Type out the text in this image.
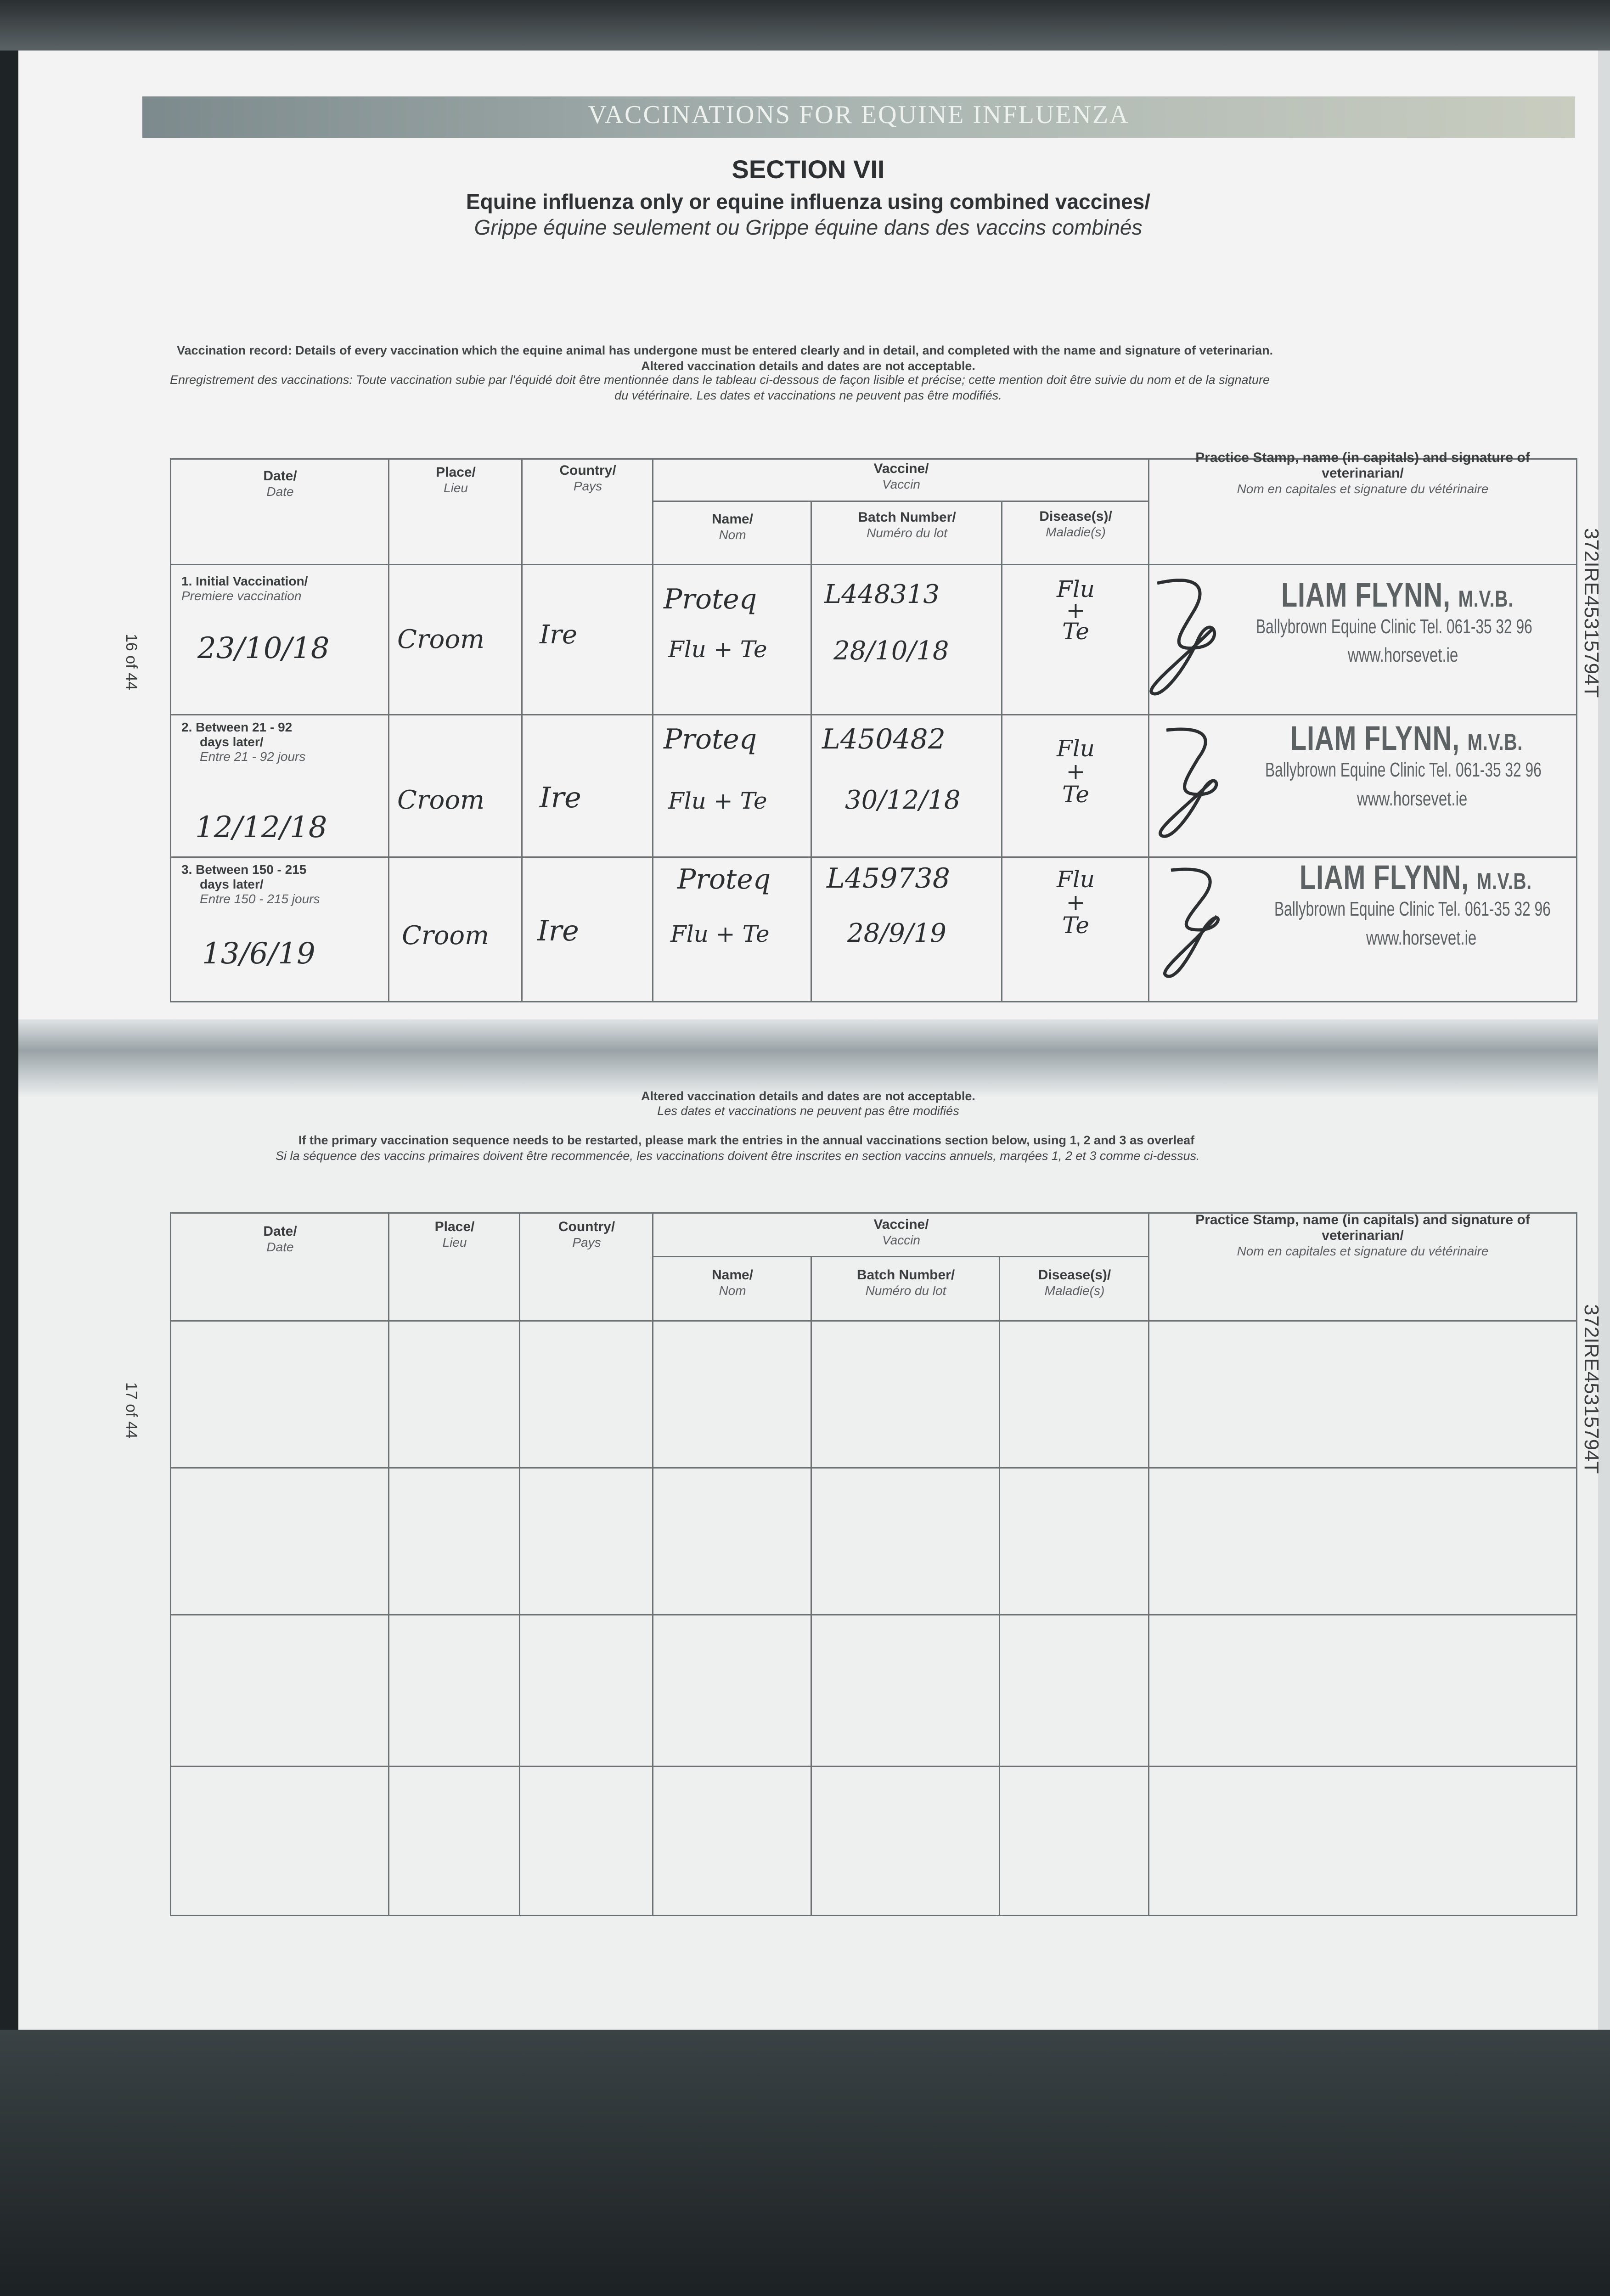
VACCINATIONS FOR EQUINE INFLUENZA
SECTION VII
Equine influenza only or equine influenza using combined vaccines/
Grippe équine seulement ou Grippe équine dans des vaccins combinés
Vaccination record: Details of every vaccination which the equine animal has undergone must be entered clearly and in detail, and completed with the name and signature of veterinarian.
Altered vaccination details and dates are not acceptable.
Enregistrement des vaccinations: Toute vaccination subie par l'équidé doit être mentionnée dans le tableau ci-dessous de façon lisible et précise; cette mention doit être suivie du nom et de la signature
du vétérinaire. Les dates et vaccinations ne peuvent pas être modifiés.
372IRE45315794T
372IRE45315794T
16 of 44
17 of 44
Date/
Date
Place/
Lieu
Country/
Pays
Vaccine/
Vaccin
Name/
Nom
Batch Number/
Numéro du lot
Disease(s)/
Maladie(s)
Practice Stamp, name (in capitals) and signature of
veterinarian/
Nom en capitales et signature du vétérinaire
1. Initial Vaccination/
Premiere vaccination
23/10/18	Croom Ire
Proteq
Flu + Te
L448313
28/10/18
Flu
+
Te
LIAM FLYNN, M.V.B.
Ballybrown Equine Clinic Tel. 061-35 32 96
www.horsevet.ie
2. Between 21 - 92
days later/
Entre 21 - 92 jours
12/12/18
Croom Ire
Proteq
Flu + Te
L450482
30/12/18
Flu
+
Te
LIAM FLYNN, M.V.B.
Ballybrown Equine Clinic Tel. 061-35 32 96
www.horsevet.ie
3. Between 150 - 215
days later/
Entre 150 - 215 jours
13/6/19
Croom Ire
Proteq
Flu + Te
L459738
28/9/19
Flu
+
Te
LIAM FLYNN, M.V.B.
Ballybrown Equine Clinic Tel. 061-35 32 96
www.horsevet.ie
Altered vaccination details and dates are not acceptable.
Les dates et vaccinations ne peuvent pas être modifiés
If the primary vaccination sequence needs to be restarted, please mark the entries in the annual vaccinations section below, using 1, 2 and 3 as overleaf
Si la séquence des vaccins primaires doivent être recommencée, les vaccinations doivent être inscrites en section vaccins annuels, marqées 1, 2 et 3 comme ci-dessus.
Date/
Date
Place/
Lieu
Country/
Pays
Vaccine/
Vaccin
Name/
Nom
Batch Number/
Numéro du lot
Disease(s)/
Maladie(s)
Practice Stamp, name (in capitals) and signature of
veterinarian/
Nom en capitales et signature du vétérinaire
